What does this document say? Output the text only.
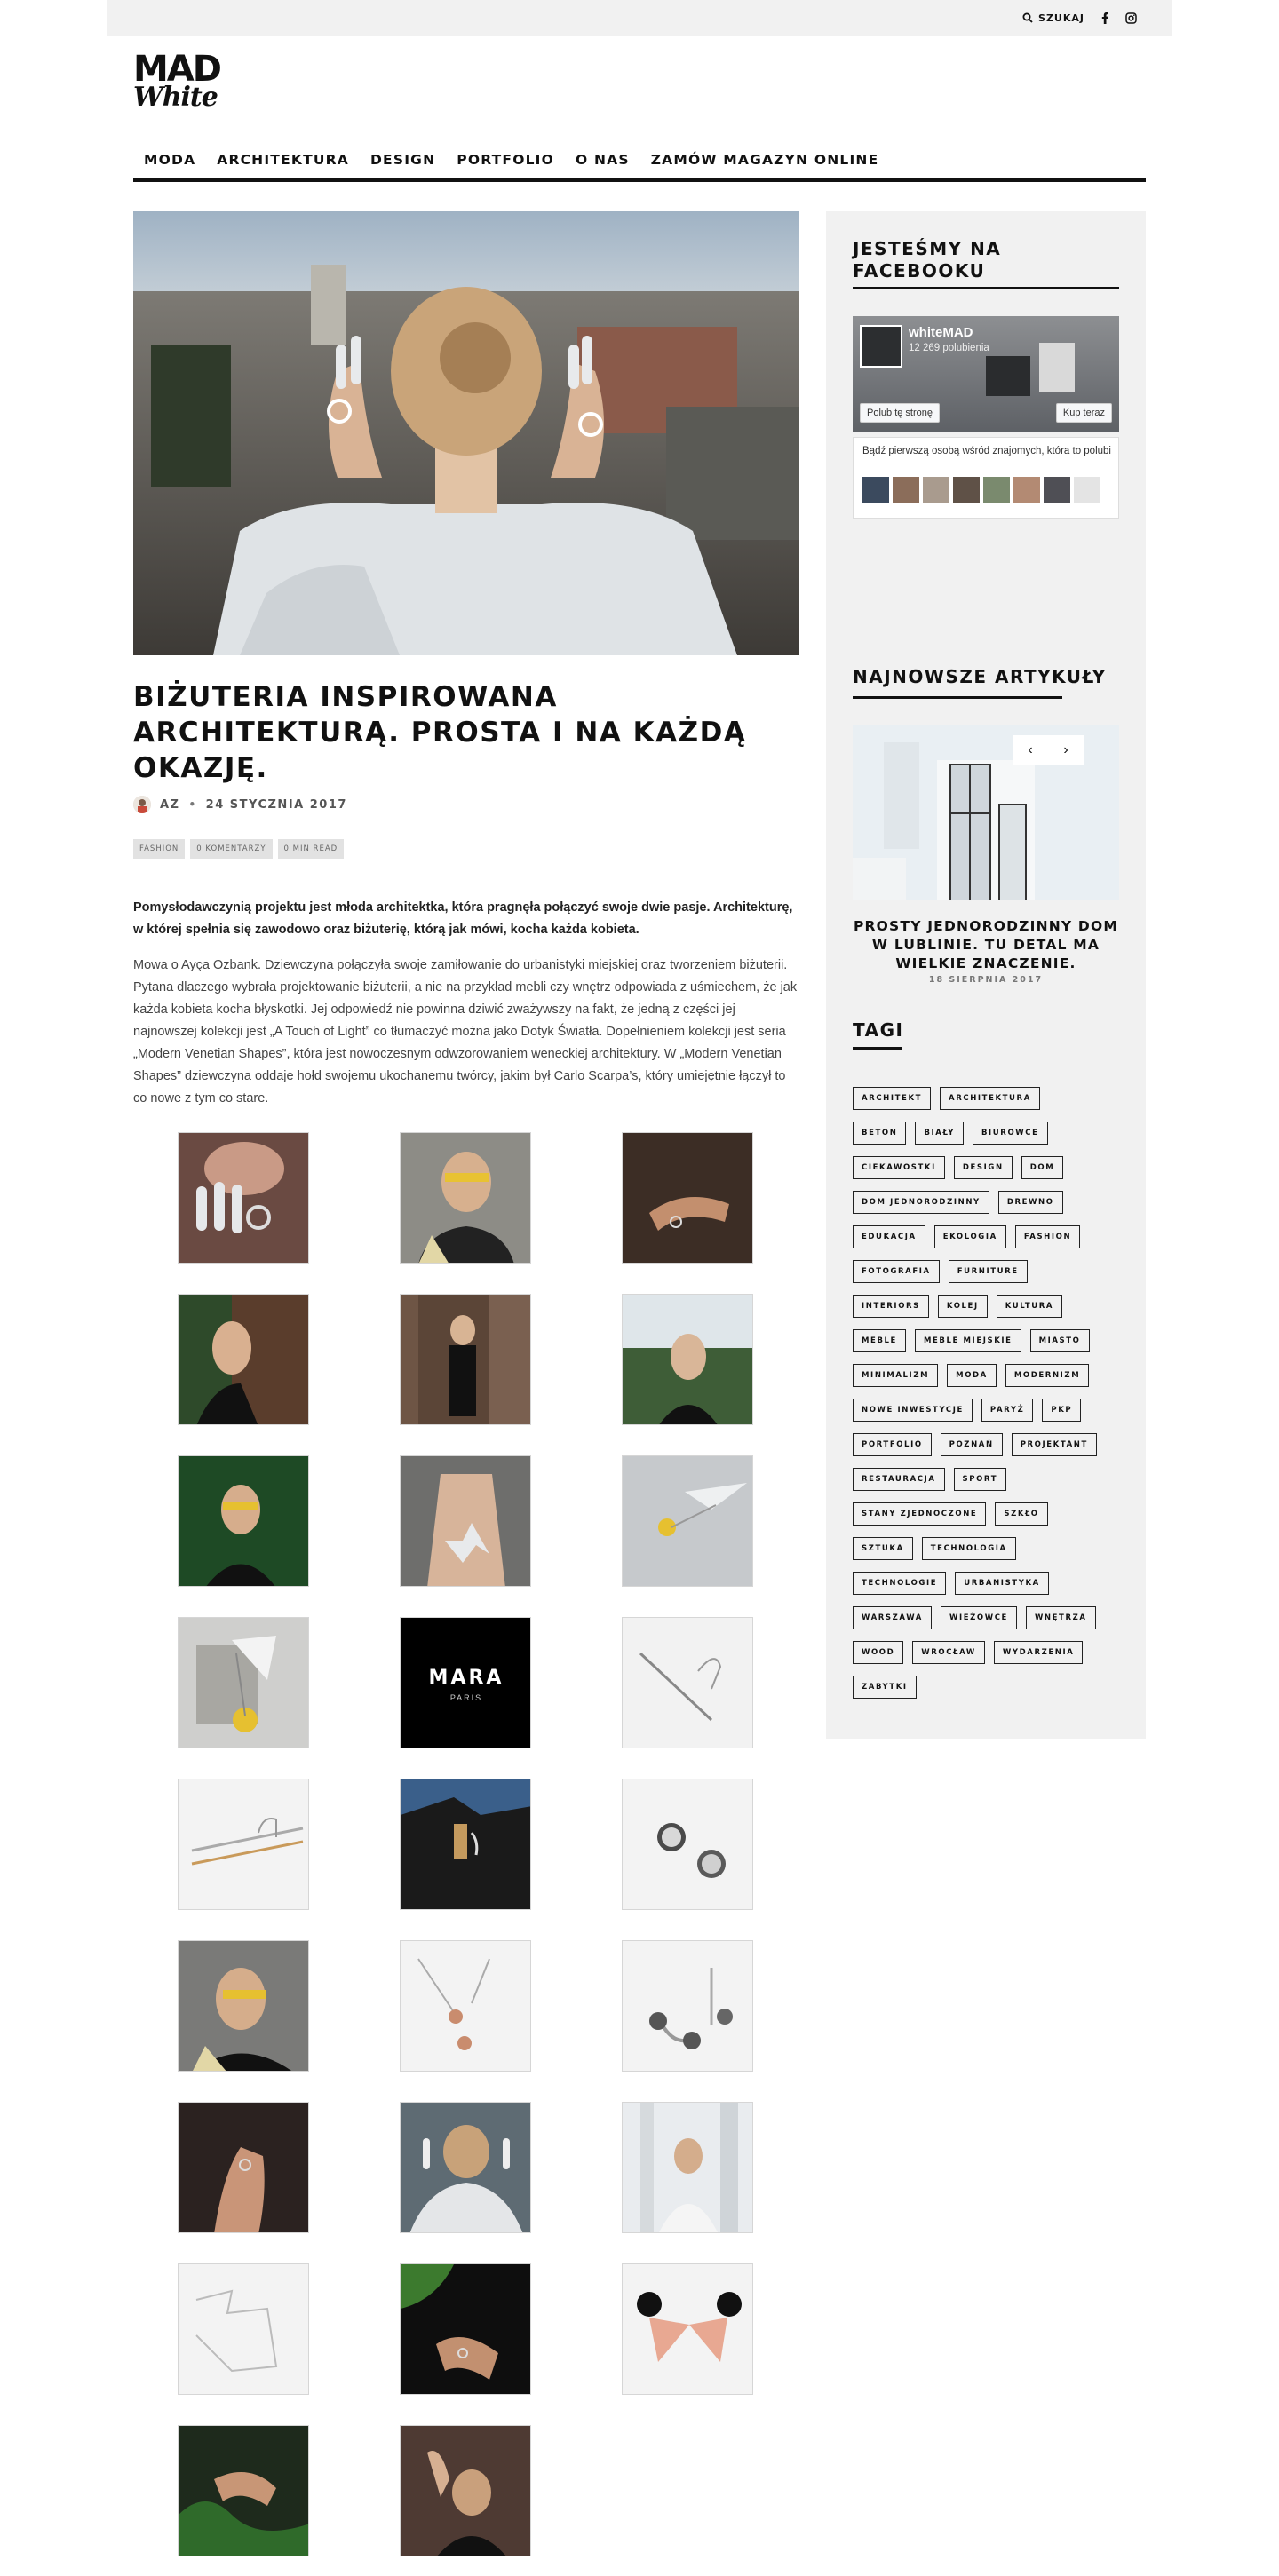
SZUKAJ
MAD
White
MODA	ARCHITEKTURA	DESIGN	PORTFOLIO	O NAS	ZAMÓW MAGAZYN ONLINE
BIŻUTERIA INSPIROWANA ARCHITEKTURĄ. PROSTA I NA KAŻDĄ OKAZJĘ.
AZ • 24 STYCZNIA 2017
FASHION	0 KOMENTARZY	0 MIN READ
Pomysłodawczynią projektu jest młoda architektka, która pragnęła połączyć swoje dwie pasje. Architekturę, w której spełnia się zawodowo oraz biżuterię, którą jak mówi, kocha każda kobieta.
Mowa o Ayça Ozbank. Dziewczyna połączyła swoje zamiłowanie do urbanistyki miejskiej oraz tworzeniem biżuterii. Pytana dlaczego wybrała projektowanie biżuterii, a nie na przykład mebli czy wnętrz odpowiada z uśmiechem, że jak każda kobieta kocha błyskotki. Jej odpowiedź nie powinna dziwić zważywszy na fakt, że jedną z części jej najnowszej kolekcji jest „A Touch of Light” co tłumaczyć można jako Dotyk Światła. Dopełnieniem kolekcji jest seria „Modern Venetian Shapes”, która jest nowoczesnym odwzorowaniem weneckiej architektury. W „Modern Venetian Shapes” dziewczyna oddaje hołd swojemu ukochanemu twórcy, jakim był Carlo Scarpa’s, który umiejętnie łączył to co nowe z tym co stare.
MARA
PARIS
JESTEŚMY NA FACEBOOKU
whiteMAD
12 269 polubienia
Polub tę stronę	Kup teraz
Bądź pierwszą osobą wśród znajomych, która to polubi
NAJNOWSZE ARTYKUŁY
‹ ›
PROSTY JEDNORODZINNY DOM W LUBLINIE. TU DETAL MA WIELKIE ZNACZENIE.
18 SIERPNIA 2017
TAGI
ARCHITEKT	ARCHITEKTURA
BETON	BIAŁY	BIUROWCE
CIEKAWOSTKI	DESIGN	DOM
DOM JEDNORODZINNY	DREWNO
EDUKACJA	EKOLOGIA	FASHION
FOTOGRAFIA	FURNITURE
INTERIORS	KOLEJ	KULTURA
MEBLE	MEBLE MIEJSKIE	MIASTO
MINIMALIZM	MODA	MODERNIZM
NOWE INWESTYCJE	PARYŻ	PKP
PORTFOLIO	POZNAŃ	PROJEKTANT
RESTAURACJA	SPORT
STANY ZJEDNOCZONE	SZKŁO
SZTUKA	TECHNOLOGIA
TECHNOLOGIE	URBANISTYKA
WARSZAWA	WIEŻOWCE	WNĘTRZA
WOOD	WROCŁAW	WYDARZENIA
ZABYTKI
